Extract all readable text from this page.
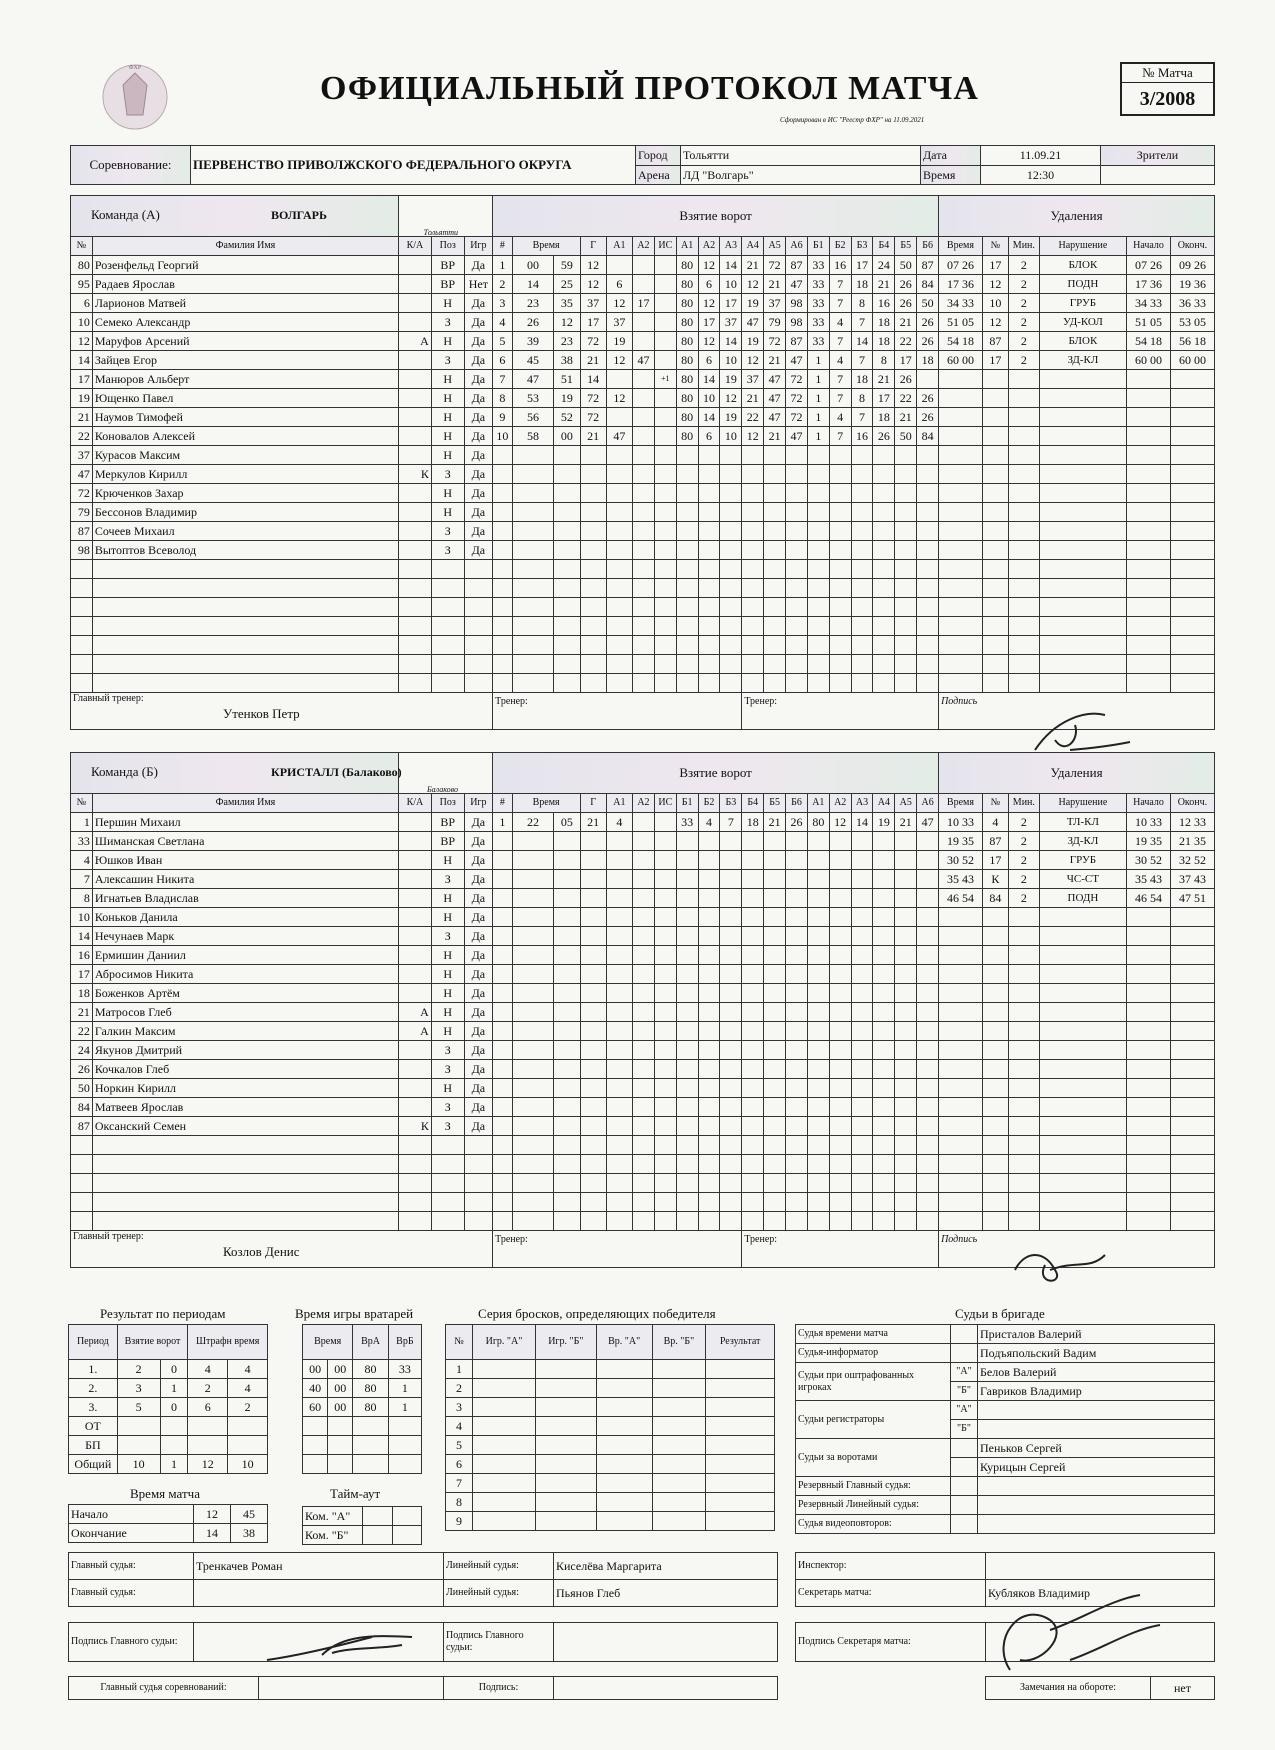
ФХР
ОФИЦИАЛЬНЫЙ ПРОТОКОЛ МАТЧА
Сформирован в ИС "Реестр ФХР" на 11.09.2021
№ Матча
3/2008
Соревнование:	ПЕРВЕНСТВО ПРИВОЛЖСКОГО ФЕДЕРАЛЬНОГО ОКРУГА	Город	Тольятти	Дата	11.09.21	Зрители
		Арена	ЛД "Волгарь"	Время	12:30	
Команда (А) ВОЛГАРЬ
Тольятти					Взятие ворот																			Удаления					
№	Фамилия Имя	К/А	Поз	Игр	#	Время		Г	А1	А2	ИС	А1	А2	А3	А4	А5	А6	Б1	Б2	Б3	Б4	Б5	Б6	Время	№	Мин.	Нарушение	Начало	Оконч.
80	Розенфельд Георгий		ВР	Да	1	00	59	12				80	12	14	21	72	87	33	16	17	24	50	87	07 26	17	2	БЛОК	07 26	09 26
95	Радаев Ярослав		ВР	Нет	2	14	25	12	6			80	6	10	12	21	47	33	7	18	21	26	84	17 36	12	2	ПОДН	17 36	19 36
6	Ларионов Матвей		Н	Да	3	23	35	37	12	17		80	12	17	19	37	98	33	7	8	16	26	50	34 33	10	2	ГРУБ	34 33	36 33
10	Семеко Александр		З	Да	4	26	12	17	37			80	17	37	47	79	98	33	4	7	18	21	26	51 05	12	2	УД-КОЛ	51 05	53 05
12	Маруфов Арсений	А	Н	Да	5	39	23	72	19			80	12	14	19	72	87	33	7	14	18	22	26	54 18	87	2	БЛОК	54 18	56 18
14	Зайцев Егор		З	Да	6	45	38	21	12	47		80	6	10	12	21	47	1	4	7	8	17	18	60 00	17	2	ЗД-КЛ	60 00	60 00
17	Манюров Альберт		Н	Да	7	47	51	14			+1	80	14	19	37	47	72	1	7	18	21	26							
19	Ющенко Павел		Н	Да	8	53	19	72	12			80	10	12	21	47	72	1	7	8	17	22	26						
21	Наумов Тимофей		Н	Да	9	56	52	72				80	14	19	22	47	72	1	4	7	18	21	26						
22	Коновалов Алексей		Н	Да	10	58	00	21	47			80	6	10	12	21	47	1	7	16	26	50	84						
37	Курасов Максим		Н	Да																									
47	Меркулов Кирилл	К	З	Да																									
72	Крюченков Захар		Н	Да																									
79	Бессонов Владимир		Н	Да																									
87	Сочеев Михаил		З	Да																									
98	Вытоптов Всеволод		З	Да																									

Главный тренер:
Утенков Петр					Тренер:										Тренер:									Подпись					
Команда (Б) КРИСТАЛЛ (Балаково)
Балаково					Взятие ворот																			Удаления					
№	Фамилия Имя	К/А	Поз	Игр	#	Время		Г	А1	А2	ИС	Б1	Б2	Б3	Б4	Б5	Б6	А1	А2	А3	А4	А5	А6	Время	№	Мин.	Нарушение	Начало	Оконч.
1	Першин Михаил		ВР	Да	1	22	05	21	4			33	4	7	18	21	26	80	12	14	19	21	47	10 33	4	2	ТЛ-КЛ	10 33	12 33
33	Шиманская Светлана		ВР	Да																				19 35	87	2	ЗД-КЛ	19 35	21 35
4	Юшков Иван		Н	Да																				30 52	17	2	ГРУБ	30 52	32 52
7	Алексашин Никита		З	Да																				35 43	К	2	ЧС-СТ	35 43	37 43
8	Игнатьев Владислав		Н	Да																				46 54	84	2	ПОДН	46 54	47 51
10	Коньков Данила		Н	Да																									
14	Нечунаев Марк		З	Да																									
16	Ермишин Даниил		Н	Да																									
17	Абросимов Никита		Н	Да																									
18	Боженков Артём		Н	Да																									
21	Матросов Глеб	А	Н	Да																									
22	Галкин Максим	А	Н	Да																									
24	Якунов Дмитрий		З	Да																									
26	Кочкалов Глеб		З	Да																									
50	Норкин Кирилл		Н	Да																									
84	Матвеев Ярослав		З	Да																									
87	Оксанский Семен	К	З	Да																									

Главный тренер:
Козлов Денис					Тренер:										Тренер:									Подпись					
Результат по периодам
Период	Взятие ворот		Штрафн время	
1.	2	0	4	4
2.	3	1	2	4
3.	5	0	6	2
ОТ				
БП				
Общий	10	1	12	10
Время игры вратарей
Время		ВрА	ВрБ
00	00	80	33
40	00	80	1
60	00	80	1

Время матча
Начало	12	45
Окончание	14	38
Тайм-аут
Ком. "А"		
Ком. "Б"		
Серия бросков, определяющих победителя
№	Игр. "А"	Игр. "Б"	Вр. "А"	Вр. "Б"	Результат
1					
2					
3					
4					
5					
6					
7					
8					
9					
Судьи в бригаде
Судья времени матча		Присталов Валерий
Судья-информатор		Подъяпольский Вадим
Судьи при оштрафованных игроках	"А"	Белов Валерий
	"Б"	Гавриков Владимир
Судьи регистраторы	"А"	
	"Б"	
Судьи за воротами		Пеньков Сергей
		Курицын Сергей
Резервный Главный судья:		
Резервный Линейный судья:		
Судья видеоповторов:		
Главный судья:	Тренкачев Роман	Линейный судья:	Киселёва Маргарита
Главный судья:		Линейный судья:	Пьянов Глеб
Инспектор:	
Секретарь матча:	Кубляков Владимир
Подпись Главного судьи:		Подпись Главного судьи:	
Подпись Секретаря матча:	
Главный судья соревнований:		Подпись:		Замечания на обороте:	нет
